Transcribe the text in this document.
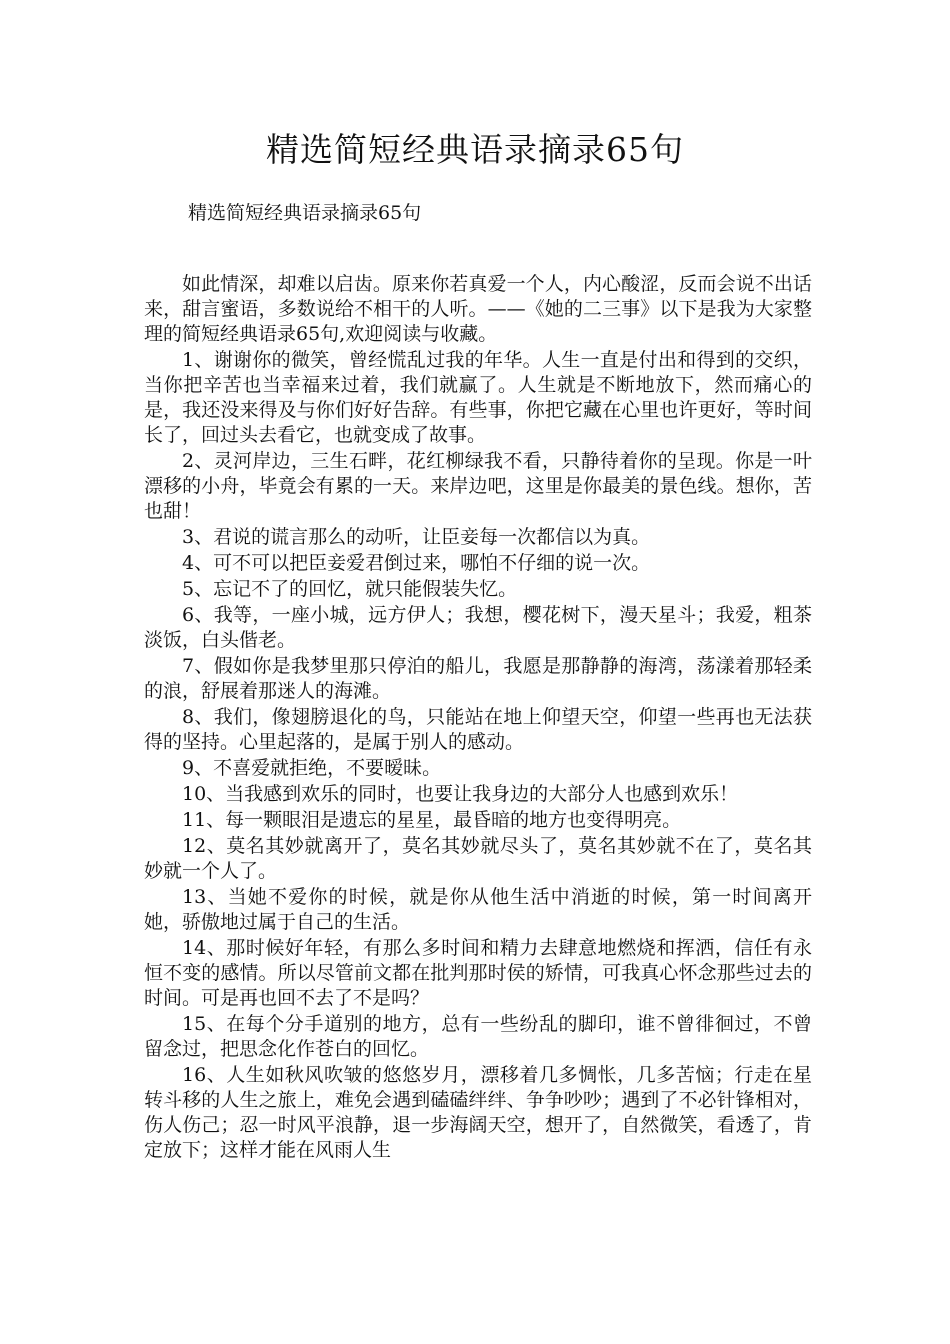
精选简短经典语录摘录65句
精选简短经典语录摘录65句

如此情深，却难以启齿。原来你若真爱一个人，内心酸涩，反而会说不出话来，甜言蜜语，多数说给不相干的人听。——《她的二三事》以下是我为大家整理的简短经典语录65句,欢迎阅读与收藏。

1、谢谢你的微笑，曾经慌乱过我的年华。人生一直是付出和得到的交织，当你把辛苦也当幸福来过着，我们就赢了。人生就是不断地放下，然而痛心的是，我还没来得及与你们好好告辞。有些事，你把它藏在心里也许更好，等时间长了，回过头去看它，也就变成了故事。

2、灵河岸边，三生石畔，花红柳绿我不看，只静待着你的呈现。你是一叶漂移的小舟，毕竟会有累的一天。来岸边吧，这里是你最美的景色线。想你，苦也甜！

3、君说的谎言那么的动听，让臣妾每一次都信以为真。

4、可不可以把臣妾爱君倒过来，哪怕不仔细的说一次。

5、忘记不了的回忆，就只能假装失忆。

6、我等，一座小城，远方伊人；我想，樱花树下，漫天星斗；我爱，粗茶淡饭，白头偕老。

7、假如你是我梦里那只停泊的船儿，我愿是那静静的海湾，荡漾着那轻柔的浪，舒展着那迷人的海滩。

8、我们，像翅膀退化的鸟，只能站在地上仰望天空，仰望一些再也无法获得的坚持。心里起落的，是属于别人的感动。

9、不喜爱就拒绝，不要暧昧。

10、当我感到欢乐的同时，也要让我身边的大部分人也感到欢乐！

11、每一颗眼泪是遗忘的星星，最昏暗的地方也变得明亮。

12、莫名其妙就离开了，莫名其妙就尽头了，莫名其妙就不在了，莫名其妙就一个人了。

13、当她不爱你的时候，就是你从他生活中消逝的时候，第一时间离开她，骄傲地过属于自己的生活。

14、那时候好年轻，有那么多时间和精力去肆意地燃烧和挥洒，信任有永恒不变的感情。所以尽管前文都在批判那时侯的矫情，可我真心怀念那些过去的时间。可是再也回不去了不是吗？

15、在每个分手道别的地方，总有一些纷乱的脚印，谁不曾徘徊过，不曾留念过，把思念化作苍白的回忆。

16、人生如秋风吹皱的悠悠岁月，漂移着几多惆怅，几多苦恼；行走在星转斗移的人生之旅上，难免会遇到磕磕绊绊、争争吵吵；遇到了不必针锋相对，伤人伤己；忍一时风平浪静，退一步海阔天空，想开了，自然微笑，看透了，肯定放下；这样才能在风雨人生
